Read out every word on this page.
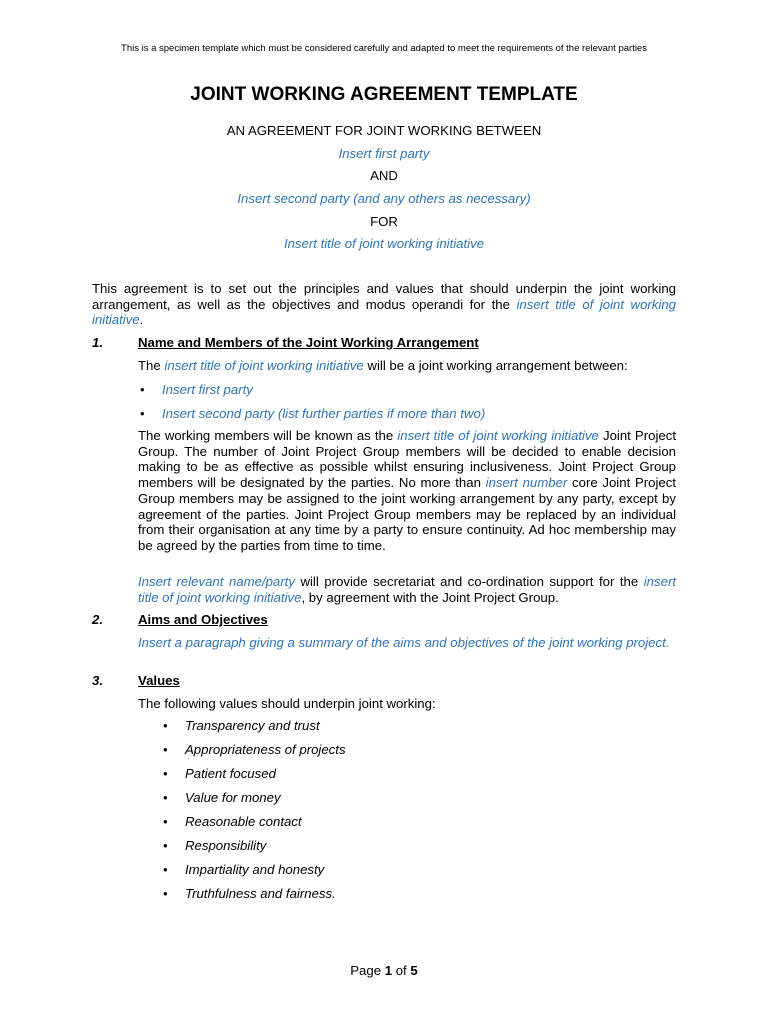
This is a specimen template which must be considered carefully and adapted to meet the requirements of the relevant parties
JOINT WORKING AGREEMENT TEMPLATE
AN AGREEMENT FOR JOINT WORKING BETWEEN
Insert first party
AND
Insert second party (and any others as necessary)
FOR
Insert title of joint working initiative
This agreement is to set out the principles and values that should underpin the joint working arrangement, as well as the objectives and modus operandi for the insert title of joint working initiative.
1.	Name and Members of the Joint Working Arrangement
The insert title of joint working initiative will be a joint working arrangement between:
• Insert first party
• Insert second party (list further parties if more than two)
The working members will be known as the insert title of joint working initiative Joint Project Group. The number of Joint Project Group members will be decided to enable decision making to be as effective as possible whilst ensuring inclusiveness. Joint Project Group members will be designated by the parties. No more than insert number core Joint Project Group members may be assigned to the joint working arrangement by any party, except by agreement of the parties. Joint Project Group members may be replaced by an individual from their organisation at any time by a party to ensure continuity. Ad hoc membership may be agreed by the parties from time to time.
Insert relevant name/party will provide secretariat and co-ordination support for the insert title of joint working initiative, by agreement with the Joint Project Group.
2.	Aims and Objectives
Insert a paragraph giving a summary of the aims and objectives of the joint working project.
3.	Values
The following values should underpin joint working:
• Transparency and trust
• Appropriateness of projects
• Patient focused
• Value for money
• Reasonable contact
• Responsibility
• Impartiality and honesty
• Truthfulness and fairness.
Page 1 of 5
